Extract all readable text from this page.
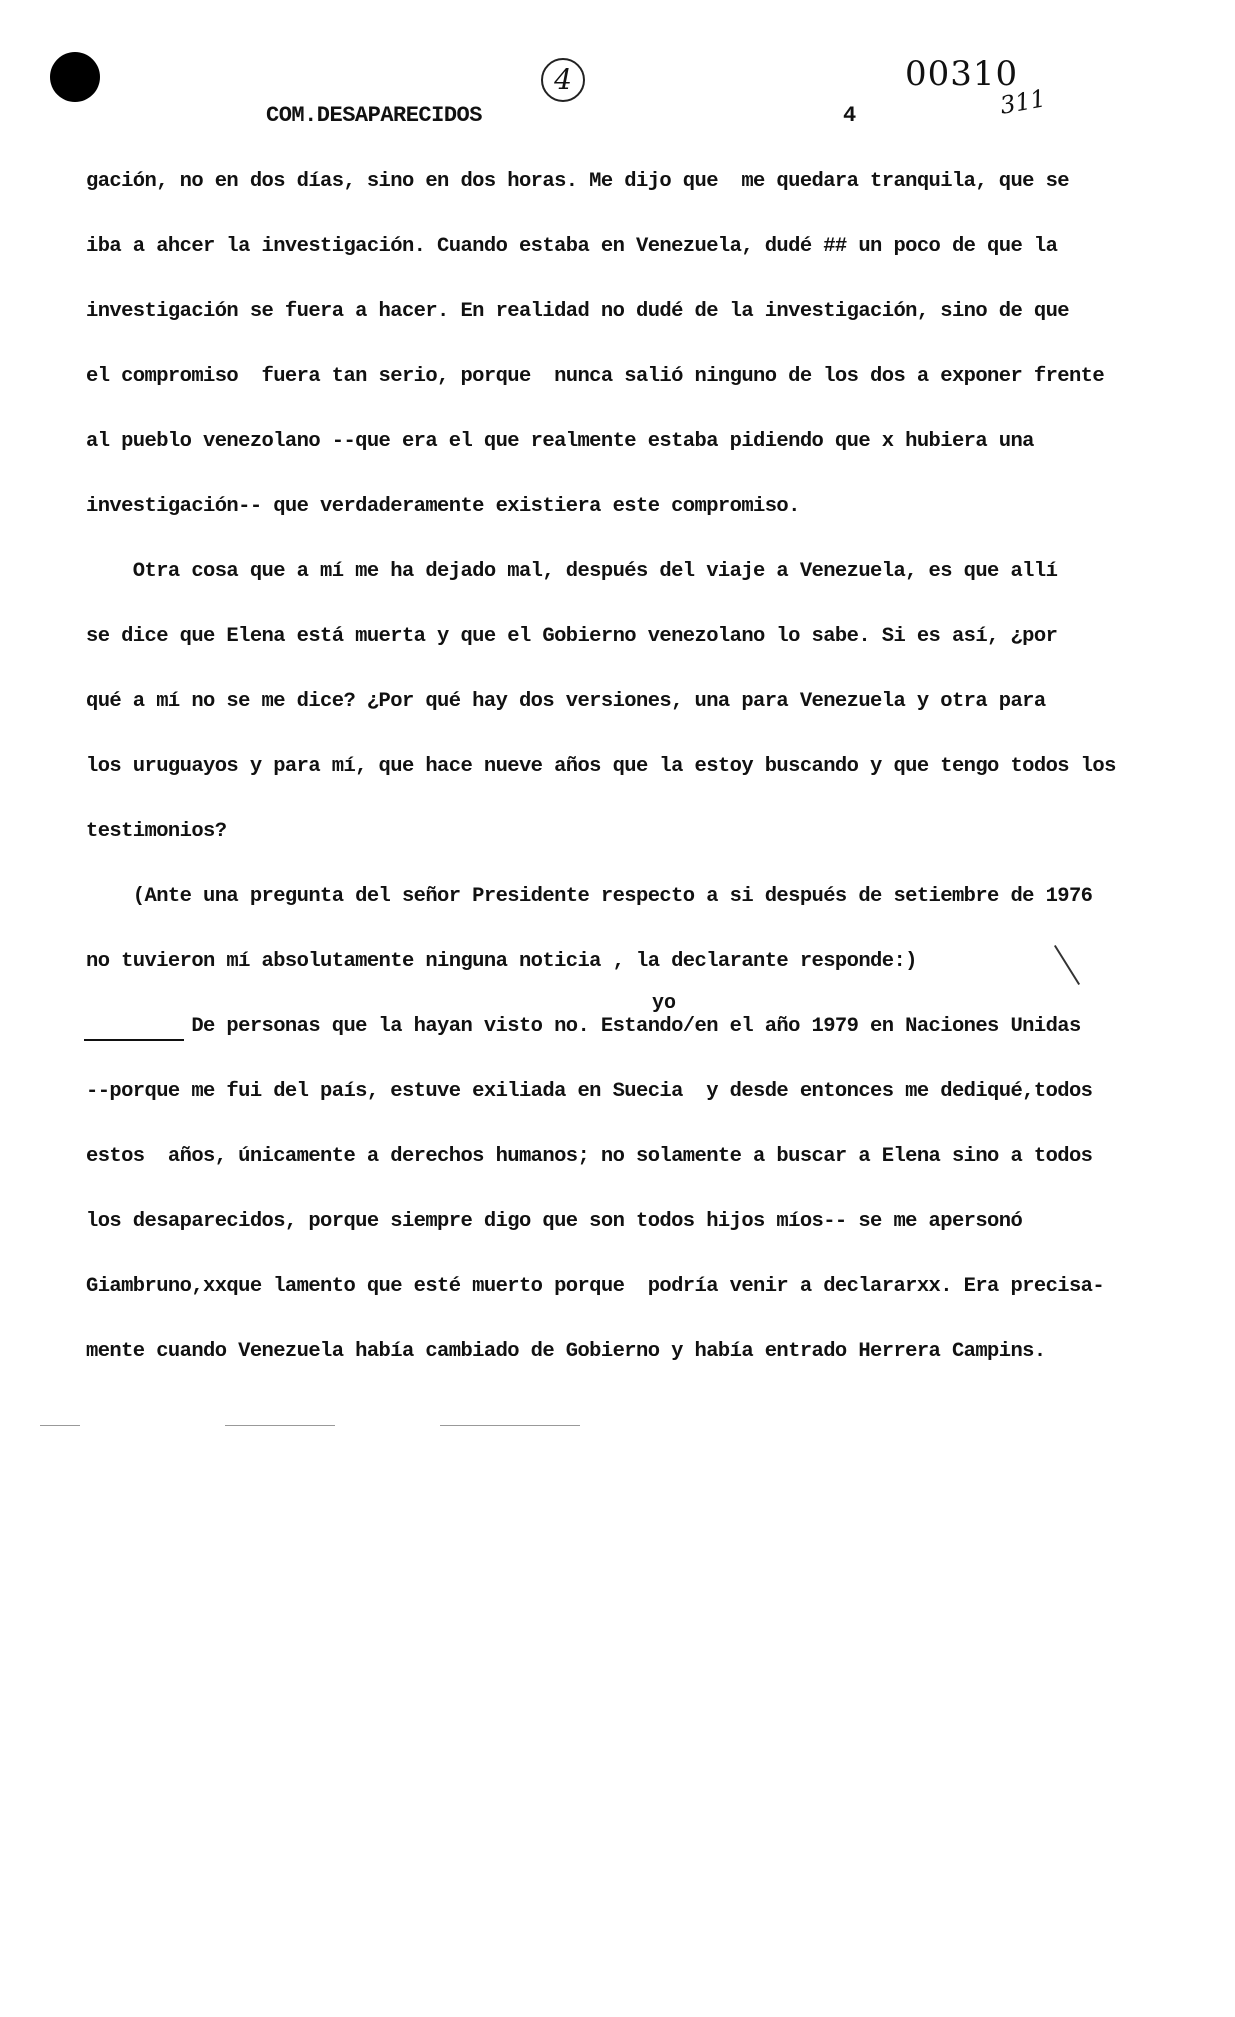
4	00310
311
COM.DESAPARECIDOS	4
gación, no en dos días, sino en dos horas. Me dijo que  me quedara tranquila, que se
iba a ahcer la investigación. Cuando estaba en Venezuela, dudé ## un poco de que la
investigación se fuera a hacer. En realidad no dudé de la investigación, sino de que
el compromiso  fuera tan serio, porque  nunca salió ninguno de los dos a exponer frente
al pueblo venezolano --que era el que realmente estaba pidiendo que x hubiera una
investigación-- que verdaderamente existiera este compromiso.
Otra cosa que a mí me ha dejado mal, después del viaje a Venezuela, es que allí
se dice que Elena está muerta y que el Gobierno venezolano lo sabe. Si es así, ¿por
qué a mí no se me dice? ¿Por qué hay dos versiones, una para Venezuela y otra para
los uruguayos y para mí, que hace nueve años que la estoy buscando y que tengo todos los
testimonios?
(Ante una pregunta del señor Presidente respecto a si después de setiembre de 1976
no tuvieron mí absolutamente ninguna noticia , la declarante responde:)
yo
De personas que la hayan visto no. Estando/en el año 1979 en Naciones Unidas
--porque me fui del país, estuve exiliada en Suecia  y desde entonces me dediqué,todos
estos  años, únicamente a derechos humanos; no solamente a buscar a Elena sino a todos
los desaparecidos, porque siempre digo que son todos hijos míos-- se me apersonó
Giambruno,xxque lamento que esté muerto porque  podría venir a declararxx. Era precisa-
mente cuando Venezuela había cambiado de Gobierno y había entrado Herrera Campins.
